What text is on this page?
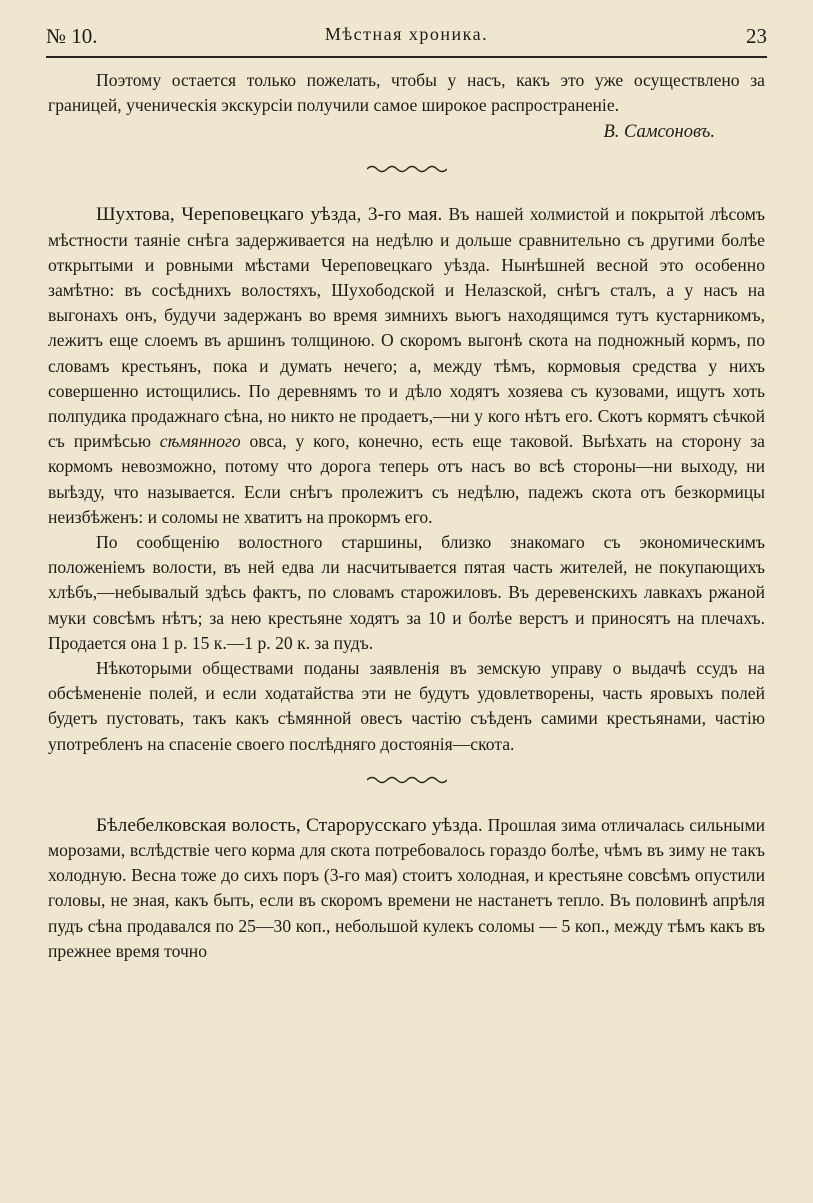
№ 10.	Мѣстная хроника.	23

Поэтому остается только пожелать, чтобы у насъ, какъ это уже осуществлено за границей, ученическія экскурсіи получили самое широкое распространеніе.

В. Самсоновъ.

Шухтова, Череповецкаго уѣзда, 3-го мая. Въ нашей холмистой и покрытой лѣсомъ мѣстности таяніе снѣга задерживается на недѣлю и дольше сравнительно съ другими болѣе открытыми и ровными мѣстами Череповецкаго уѣзда. Нынѣшней весной это особенно замѣтно: въ сосѣднихъ волостяхъ, Шухободской и Нелазской, снѣгъ сталъ, а у насъ на выгонахъ онъ, будучи задержанъ во время зимнихъ вьюгъ находящимся тутъ кустарникомъ, лежитъ еще слоемъ въ аршинъ толщиною. О скоромъ выгонѣ скота на подножный кормъ, по словамъ крестьянъ, пока и думать нечего; а, между тѣмъ, кормовыя средства у нихъ совершенно истощились. По деревнямъ то и дѣло ходятъ хозяева съ кузовами, ищутъ хоть полпудика продажнаго сѣна, но никто не продаетъ,—ни у кого нѣтъ его. Скотъ кормятъ сѣчкой съ примѣсью сѣмянного овса, у кого, конечно, есть еще таковой. Выѣхать на сторону за кормомъ невозможно, потому что дорога теперь отъ насъ во всѣ стороны—ни выходу, ни выѣзду, что называется. Если снѣгъ пролежитъ съ недѣлю, падежъ скота отъ безкормицы неизбѣженъ: и соломы не хватитъ на прокормъ его.

По сообщенію волостного старшины, близко знакомаго съ экономическимъ положеніемъ волости, въ ней едва ли насчитывается пятая часть жителей, не покупающихъ хлѣбъ,—небывалый здѣсь фактъ, по словамъ старожиловъ. Въ деревенскихъ лавкахъ ржаной муки совсѣмъ нѣтъ; за нею крестьяне ходятъ за 10 и болѣе верстъ и приносятъ на плечахъ. Продается она 1 р. 15 к.—1 р. 20 к. за пудъ.

Нѣкоторыми обществами поданы заявленія въ земскую управу о выдачѣ ссудъ на обсѣмененіе полей, и если ходатайства эти не будутъ удовлетворены, часть яровыхъ полей будетъ пустовать, такъ какъ сѣмянной овесъ частію съѣденъ самими крестьянами, частію употребленъ на спасеніе своего послѣдняго достоянія—скота.

Бѣлебелковская волость, Старорусскаго уѣзда. Прошлая зима отличалась сильными морозами, вслѣдствіе чего корма для скота потребовалось гораздо болѣе, чѣмъ въ зиму не такъ холодную. Весна тоже до сихъ поръ (3-го мая) стоитъ холодная, и крестьяне совсѣмъ опустили головы, не зная, какъ быть, если въ скоромъ времени не настанетъ тепло. Въ половинѣ апрѣля пудъ сѣна продавался по 25—30 коп., небольшой кулекъ соломы — 5 коп., между тѣмъ какъ въ прежнее время точно
